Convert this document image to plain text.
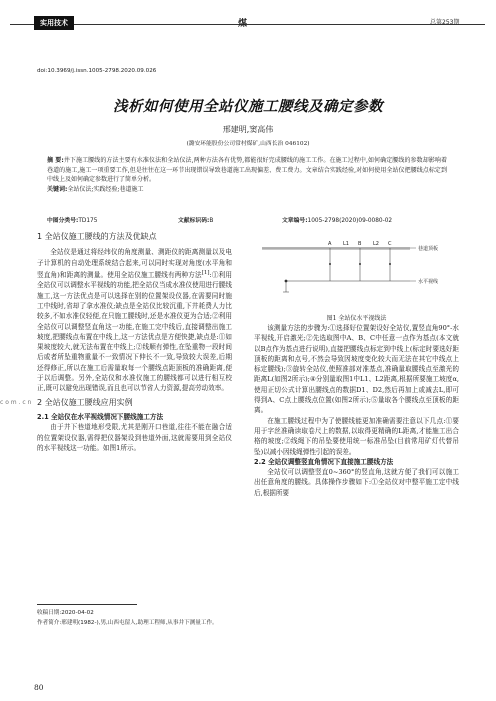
实用技术	煤	总第253期
doi:10.3969/j.issn.1005-2798.2020.09.026
浅析如何使用全站仪施工腰线及确定参数
邢建明,窦高伟
(潞安环能股份公司常村煤矿,山西长治 046102)
摘 要:井下施工腰线的方法主要有水准仪法和全站仪法,两种方法各有优势,都能很好完成腰线的施工工作。在施工过程中,如何确定腰线的参数却影响着巷道的施工,施工一项重要工作,但是往往在这一环节出现错误导致巷道施工出现偏差、费工费力。文章结合实践经验,对如何使用全站仪把腰线点标定到中线上及如何确定参数进行了简单分析。
关键词:全站仪法;实践经验;巷道施工
中图分类号:TD175	文献标识码:B	文章编号:1005-2798(2020)09-0080-02
c o m . c n
1 全站仪施工腰线的方法及优缺点
全站仪是通过将经纬仪的角度测量、测距仪的距离测量以及电子计算机的自动处理系统结合起来,可以同时实现对角度(水平角和竖直角)和距离的测量。使用全站仪施工腰线有两种方法[1]:①利用全站仪可以调整水平视线的功能,把全站仪当成水准仪使用进行腰线施工,这一方法优点是可以选择在别的位置架设仪器,在需要同时施工中线时,省却了拿水准仪;缺点是全站仪比较沉重,下井耗费人力比较多,不如水准仪轻便,在只施工腰线时,还是水准仪更为合适;②利用全站仪可以调整竖直角这一功能,在施工完中线后,直接调整出施工坡度,把腰线点布置在中线上,这一方法优点是方便快捷,缺点是:①如果坡度较大,就无法布置在中线上;②线顺有弹性,在坠重物一段时间后或者所坠重物重量不一致情况下伸长不一致,导致较大误差,后期还得修正,所以在施工后需量取每一个腰线点距顶板的准确距离,便于以后调整。另外,全站仪和水准仪施工的腰线都可以进行相互校正,既可以避免出现错误,而且也可以节省人力资源,提高劳动效率。
2 全站仪施工腰线应用实例
2.1 全站仪在水平视线情况下腰线施工方法
由于井下巷道地形受限,尤其是刚开口巷道,往往不能在融合适的位置架设仪器,需得把仪器架设到巷道外面,这就需要用到全站仪的水平视线这一功能。如图1所示。
A L1 B L2 C
巷道顶板
水平视线
图1 全站仪水平视线法
该测量方法的步骤为:①选择好位置架设好全站仪,置竖直角90°-水平视线,开启激光;②先选取图中A、B、C中任意一点作为基点(本文就以B点作为基点进行说明),直接把腰线点标定到中线上(标定时要选好距顶板的距离和点号,不然会导致因坡度变化较大而无法在其它中线点上标定腰线);③旋转全站仪,使照准部对准基点,准确量取腰线点至激光的距离L(如图2所示);④分别量取图1中L1、L2距离,根据所要施工坡度α,使用正切公式计算出腰线点的数据D1、D2,然后再加上或减去L,即可得到A、C点上腰线点位置(如图2所示);⑤量取各个腰线点至顶板的距离。
在施工腰线过程中为了使腰线能更加准确需要注意以下几点:①要用于字丝准确读取卷尺上的数据,以取得更精确的L距离,才能施工出合格的坡度;②线绳下的吊坠要使用统一标准吊坠(目前常用矿灯代替吊坠)以减小因线绳弹性引起的误差。
2.2 全站仪调整竖直角情况下直接施工腰线方法
全站仪可以调整竖直0~360°的竖直角,这就方便了我们可以施工出任意角度的腰线。具体操作步骤如下:①全站仪对中整平施工定中线后,根据所要
收稿日期:2020-04-02
作者简介:邢建明(1982-),男,山西屯留人,助理工程师,从事井下测量工作。
80
